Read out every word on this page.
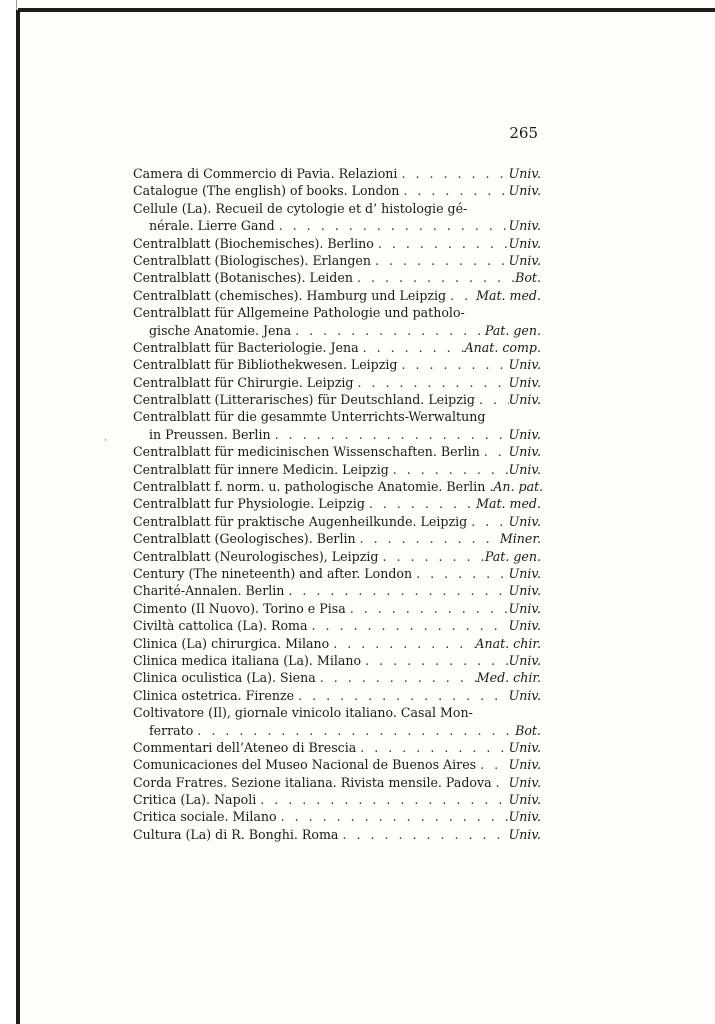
265
·
Camera di Commercio di Pavia. Relazioni . . .	Univ.
Catalogue (The english) of books. London . . .	Univ.
Cellule (La). Recueil de cytologie et d’ histologie gé-
nérale. Lierre Gand . . .	Univ.
Centralblatt (Biochemisches). Berlino . . .	Univ.
Centralblatt (Biologisches). Erlangen . . .	Univ.
Centralblatt (Botanisches). Leiden . . .	Bot.
Centralblatt (chemisches). Hamburg und Leipzig . . . Mat. med.
Centralblatt für Allgemeine Pathologie und patholo-
gische Anatomie. Jena . . .	Pat. gen.
Centralblatt für Bacteriologie. Jena . . .	Anat. comp.
Centralblatt für Bibliothekwesen. Leipzig . . .	Univ.
Centralblatt für Chirurgie. Leipzig . . .	Univ.
Centralblatt (Litterarisches) für Deutschland. Leipzig . . .	Univ.
Centralblatt für die gesammte Unterrichts-Werwaltung
in Preussen. Berlin . . .	Univ.
Centralblatt für medicinischen Wissenschaften. Berlin . . . Univ.
Centralblatt für innere Medicin. Leipzig . . .	Univ.
Centralblatt f. norm. u. pathologische Anatomie. Berlin . . . An. pat.
Centralblatt fur Physiologie. Leipzig . . .	Mat. med.
Centralblatt für praktische Augenheilkunde. Leipzig . . .	Univ.
Centralblatt (Geologisches). Berlin . . .	Miner.
Centralblatt (Neurologisches), Leipzig . . .	Pat. gen.
Century (The nineteenth) and after. London . . .	Univ.
Charité-Annalen. Berlin . . .	Univ.
Cimento (Il Nuovo). Torino e Pisa . . .	Univ.
Civiltà cattolica (La). Roma . . .	Univ.
Clinica (La) chirurgica. Milano . . .	Anat. chir.
Clinica medica italiana (La). Milano . . .	Univ.
Clinica oculistica (La). Siena . . .	Med. chir.
Clinica ostetrica. Firenze . . .	Univ.
Coltivatore (Il), giornale vinicolo italiano. Casal Mon-
ferrato . . .	Bot.
Commentari dell’Ateneo di Brescia . . .	Univ.
Comunicaciones del Museo Nacional de Buenos Aires . . .	Univ.
Corda Fratres. Sezione italiana. Rivista mensile. Padova . . . Univ.
Critica (La). Napoli . . .	Univ.
Critica sociale. Milano . . .	Univ.
Cultura (La) di R. Bonghi. Roma . . .	Univ.
